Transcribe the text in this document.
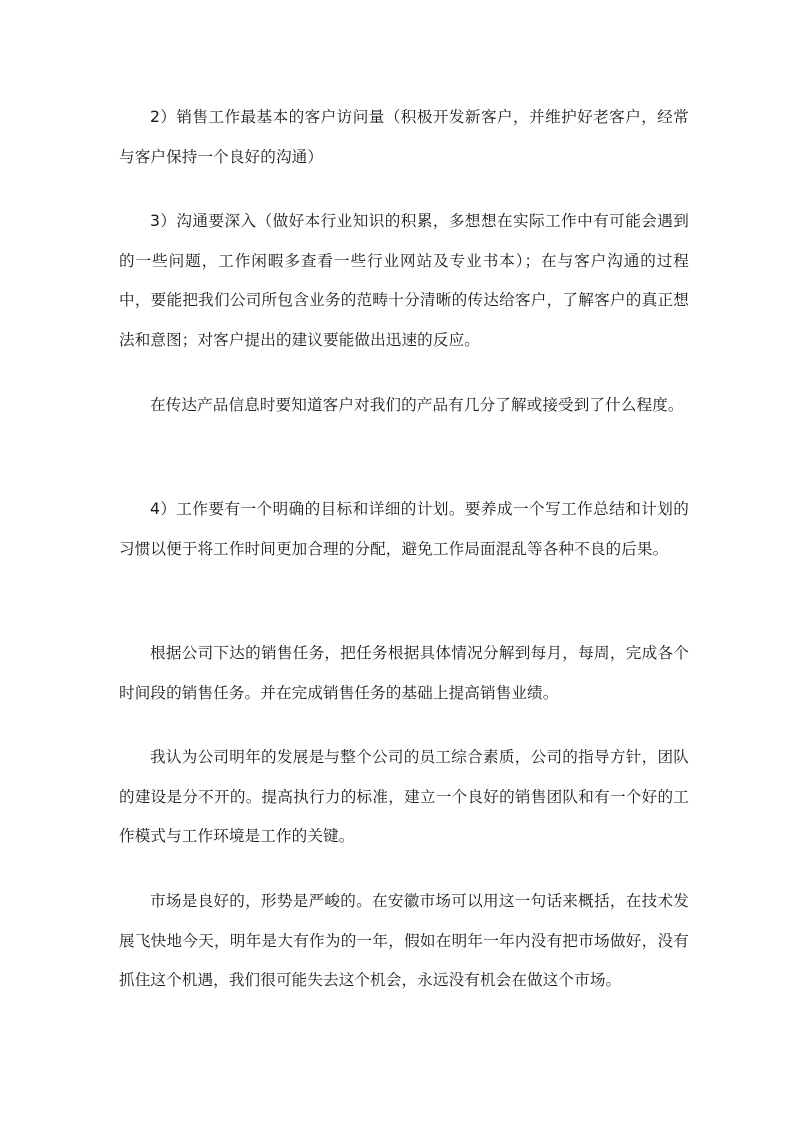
2）销售工作最基本的客户访问量（积极开发新客户，并维护好老客户，经常与客户保持一个良好的沟通）

3）沟通要深入（做好本行业知识的积累，多想想在实际工作中有可能会遇到的一些问题，工作闲暇多查看一些行业网站及专业书本）；在与客户沟通的过程中，要能把我们公司所包含业务的范畴十分清晰的传达给客户，了解客户的真正想法和意图；对客户提出的建议要能做出迅速的反应。

在传达产品信息时要知道客户对我们的产品有几分了解或接受到了什么程度。

4）工作要有一个明确的目标和详细的计划。要养成一个写工作总结和计划的习惯以便于将工作时间更加合理的分配，避免工作局面混乱等各种不良的后果。

根据公司下达的销售任务，把任务根据具体情况分解到每月，每周，完成各个时间段的销售任务。并在完成销售任务的基础上提高销售业绩。

我认为公司明年的发展是与整个公司的员工综合素质，公司的指导方针，团队的建设是分不开的。提高执行力的标准，建立一个良好的销售团队和有一个好的工作模式与工作环境是工作的关键。

市场是良好的，形势是严峻的。在安徽市场可以用这一句话来概括，在技术发展飞快地今天，明年是大有作为的一年，假如在明年一年内没有把市场做好，没有抓住这个机遇，我们很可能失去这个机会，永远没有机会在做这个市场。
